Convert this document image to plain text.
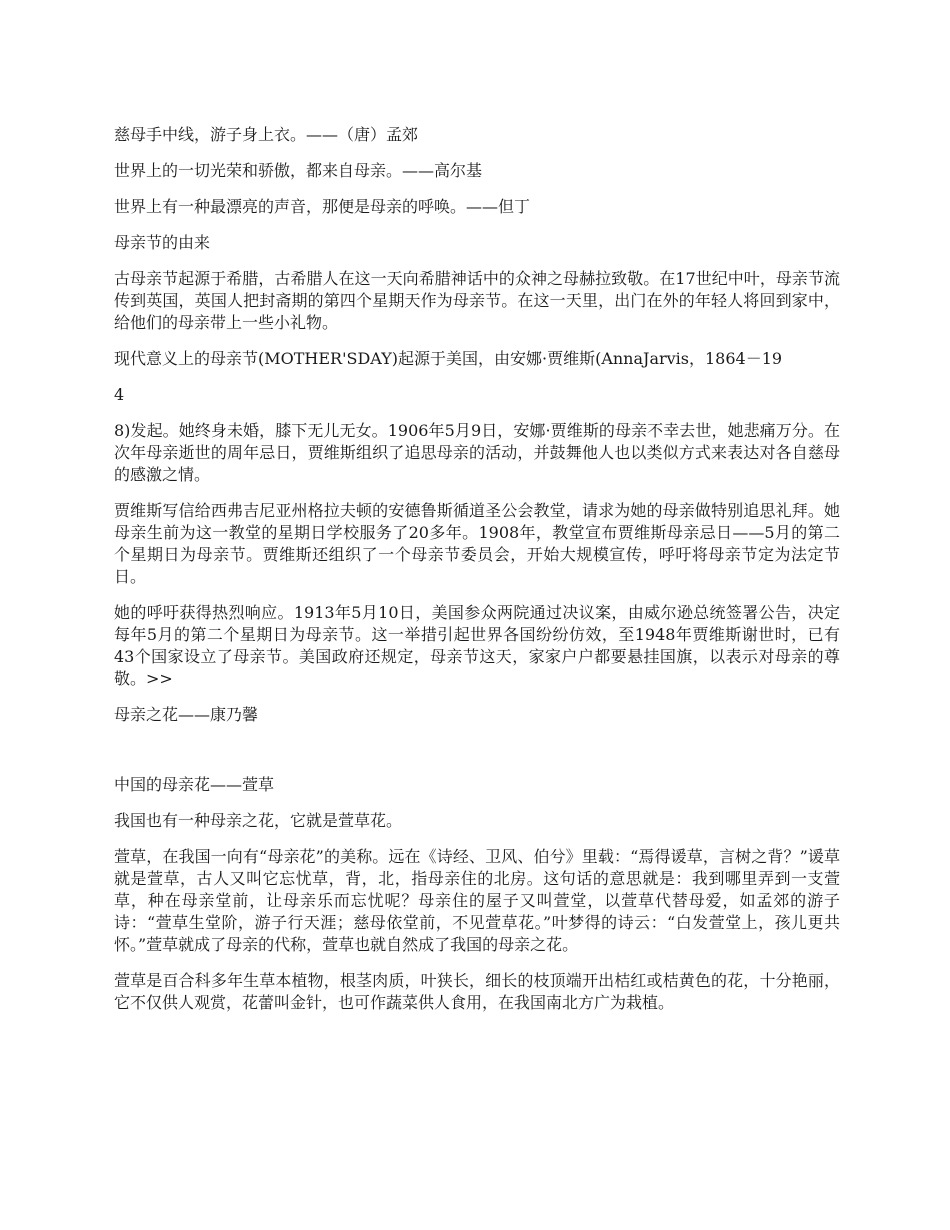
慈母手中线，游子身上衣。——（唐）孟郊

世界上的一切光荣和骄傲，都来自母亲。——高尔基

世界上有一种最漂亮的声音，那便是母亲的呼唤。——但丁

母亲节的由来

古母亲节起源于希腊，古希腊人在这一天向希腊神话中的众神之母赫拉致敬。在17世纪中叶，母亲节流传到英国，英国人把封斋期的第四个星期天作为母亲节。在这一天里，出门在外的年轻人将回到家中，给他们的母亲带上一些小礼物。

现代意义上的母亲节(MOTHER'SDAY)起源于美国，由安娜·贾维斯(AnnaJarvis，1864－19

4

8)发起。她终身未婚，膝下无儿无女。1906年5月9日，安娜·贾维斯的母亲不幸去世，她悲痛万分。在次年母亲逝世的周年忌日，贾维斯组织了追思母亲的活动，并鼓舞他人也以类似方式来表达对各自慈母的感激之情。

贾维斯写信给西弗吉尼亚州格拉夫顿的安德鲁斯循道圣公会教堂，请求为她的母亲做特别追思礼拜。她母亲生前为这一教堂的星期日学校服务了20多年。1908年，教堂宣布贾维斯母亲忌日——5月的第二个星期日为母亲节。贾维斯还组织了一个母亲节委员会，开始大规模宣传，呼吁将母亲节定为法定节日。

她的呼吁获得热烈响应。1913年5月10日，美国参众两院通过决议案，由威尔逊总统签署公告，决定每年5月的第二个星期日为母亲节。这一举措引起世界各国纷纷仿效，至1948年贾维斯谢世时，已有43个国家设立了母亲节。美国政府还规定，母亲节这天，家家户户都要悬挂国旗，以表示对母亲的尊敬。>>

母亲之花——康乃馨

中国的母亲花——萱草

我国也有一种母亲之花，它就是萱草花。

萱草，在我国一向有“母亲花”的美称。远在《诗经、卫风、伯兮》里载：“焉得谖草，言树之背？”谖草就是萱草，古人又叫它忘忧草，背，北，指母亲住的北房。这句话的意思就是：我到哪里弄到一支萱草，种在母亲堂前，让母亲乐而忘忧呢？母亲住的屋子又叫萱堂，以萱草代替母爱，如孟郊的游子诗：“萱草生堂阶，游子行天涯；慈母依堂前，不见萱草花。”叶梦得的诗云：“白发萱堂上，孩儿更共怀。”萱草就成了母亲的代称，萱草也就自然成了我国的母亲之花。

萱草是百合科多年生草本植物，根茎肉质，叶狭长，细长的枝顶端开出桔红或桔黄色的花，十分艳丽，它不仅供人观赏，花蕾叫金针，也可作蔬菜供人食用，在我国南北方广为栽植。
